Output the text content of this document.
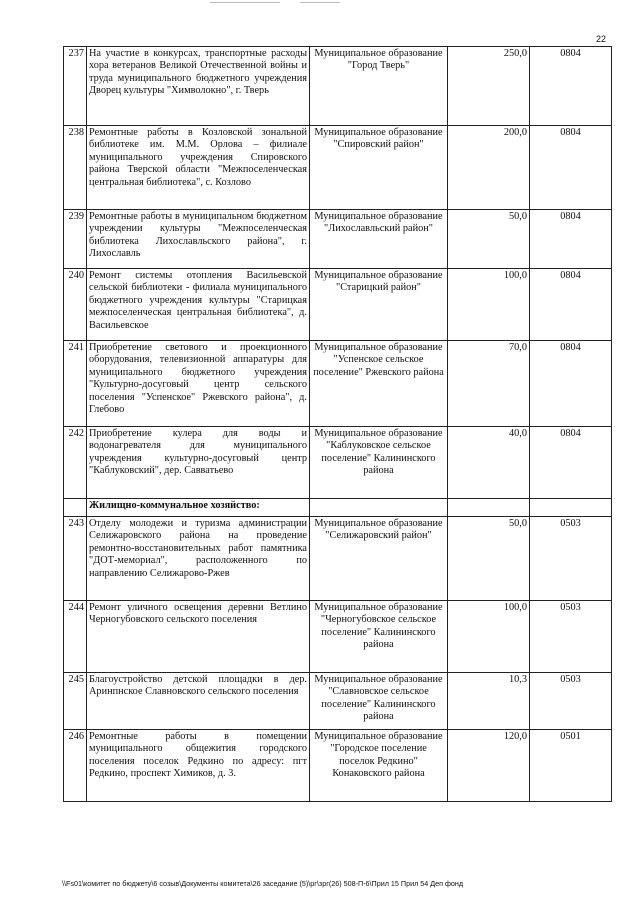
22
237	На участие в конкурсах, транспортные расходы хора ветеранов Великой Отечественной войны и труда муниципального бюджетного учреждения Дворец культуры "Химволокно", г. Тверь	Муниципальное образование "Город Тверь"	250,0	0804
238	Ремонтные работы в Козловской зональной библиотеке им. М.М. Орлова – филиале муниципального учреждения Спировского района Тверской области "Межпоселенческая центральная библиотека", с. Козлово	Муниципальное образование "Спировский район"	200,0	0804
239	Ремонтные работы в муниципальном бюджетном учреждении культуры "Межпоселенческая библиотека Лихославльского района", г. Лихославль	Муниципальное образование "Лихославльский район"	50,0	0804
240	Ремонт системы отопления Васильевской сельской библиотеки - филиала муниципального бюджетного учреждения культуры "Старицкая межпоселенческая центральная библиотека", д. Васильевское	Муниципальное образование "Старицкий район"	100,0	0804
241	Приобретение светового и проекционного оборудования, телевизионной аппаратуры для муниципального бюджетного учреждения "Культурно-досуговый центр сельского поселения "Успенское" Ржевского района", д. Глебово	Муниципальное образование "Успенское сельское поселение" Ржевского района	70,0	0804
242	Приобретение кулера для воды и водонагревателя для муниципального учреждения культурно-досуговый центр "Каблуковский", дер. Савватьево	Муниципальное образование "Каблуковское сельское поселение" Калининского района	40,0	0804
	Жилищно-коммунальное хозяйство:			
243	Отделу молодежи и туризма администрации Селижаровского района на проведение ремонтно-восстановительных работ памятника "ДОТ-мемориал", расположенного по направлению Селижарово-Ржев	Муниципальное образование "Селижаровский район"	50,0	0503
244	Ремонт уличного освещения деревни Ветлино Черногубовского сельского поселения	Муниципальное образование "Черногубовское сельское поселение" Калининского района	100,0	0503
245	Благоустройство детской площадки в дер. Аринпнское Славновского сельского поселения	Муниципальное образование "Славновское сельское поселение" Калининского района	10,3	0503
246	Ремонтные работы в помещении муниципального общежития городского поселения поселок Редкино по адресу: пгт Редкино, проспект Химиков, д. 3.	Муниципальное образование "Городское поселение поселок Редкино" Конаковского района	120,0	0501
\\Fs01\комитет по бюджету\6 созыв\Документы комитета\26 заседание (5)\рг\зрг(26) 508-П-6\Прил 15 Прил 54 Деп фонд
